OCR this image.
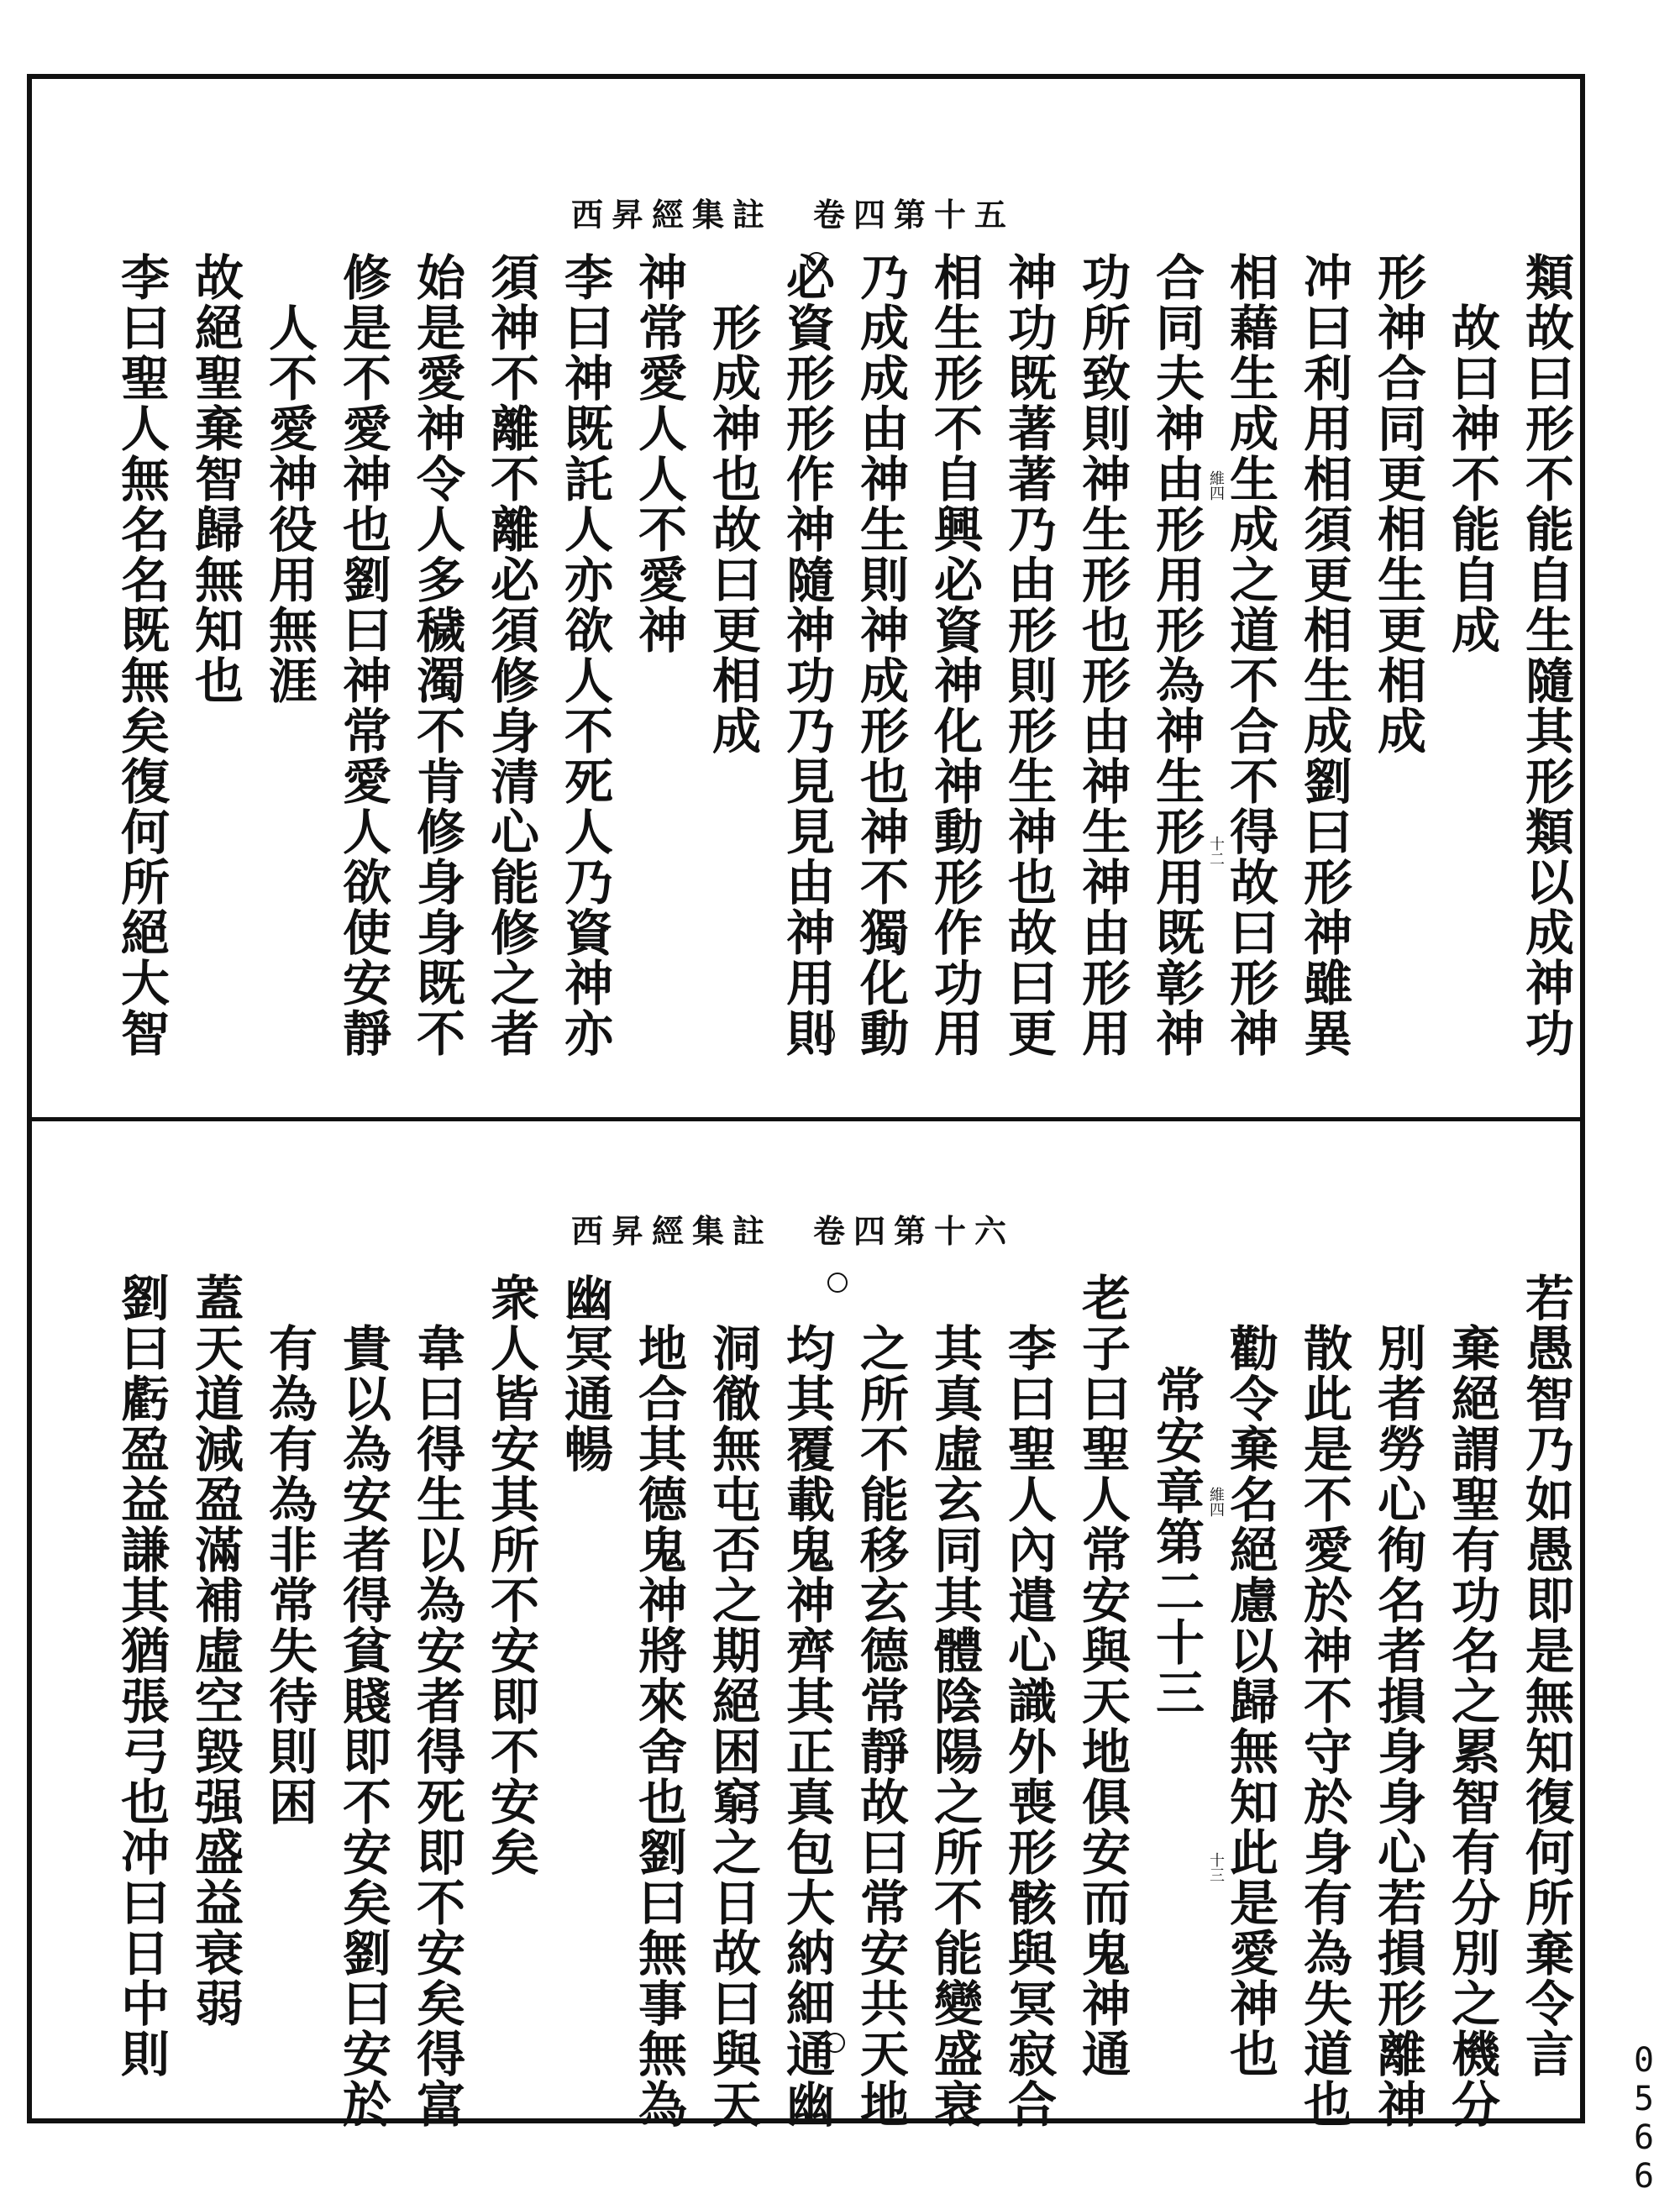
西昇經集註　卷四第十五
類故曰形不能自生隨其形類以成神功
故曰神不能自成
形神合同更相生更相成
冲曰利用相須更相生成劉曰形神雖異
相藉生成生成之道不合不得故曰形神
合同夫神由形用形為神生形用既彰神
功所致則神生形也形由神生神由形用
神功既著著乃由形則形生神也故曰更
相生形不自興必資神化神動形作功用
乃成成由神生則神成形也神不獨化動
必資形形作神隨神功乃見見由神用則
形成神也故曰更相成
神常愛人人不愛神
李曰神既託人亦欲人不死人乃資神亦
須神不離不離必須修身清心能修之者
始是愛神令人多穢濁不肯修身身既不
修是不愛神也劉曰神常愛人欲使安靜
人不愛神役用無涯
故絕聖棄智歸無知也
李曰聖人無名名既無矣復何所絕大智	維四
十二
西昇經集註　卷四第十六
若愚智乃如愚即是無知復何所棄令言
棄絕謂聖有功名之累智有分別之機分
別者勞心徇名者損身身心若損形離神
散此是不愛於神不守於身有為失道也
勸令棄名絕慮以歸無知此是愛神也
常安章第二十三
老子曰聖人常安與天地俱安而鬼神通
李曰聖人內遣心識外喪形骸與冥寂合
其真虛玄同其體陰陽之所不能變盛衰
之所不能移玄德常靜故曰常安共天地
均其覆載鬼神齊其正真包大納細通幽
洞徹無屯否之期絕困窮之日故曰與天
地合其德鬼神將來舍也劉曰無事無為
幽冥通暢
衆人皆安其所不安即不安矣
韋曰得生以為安者得死即不安矣得富
貴以為安者得貧賤即不安矣劉曰安於
有為有為非常失待則困
蓋天道減盈滿補虛空毀强盛益衰弱
劉曰虧盈益謙其猶張弓也冲曰日中則	維四
十三
0566
